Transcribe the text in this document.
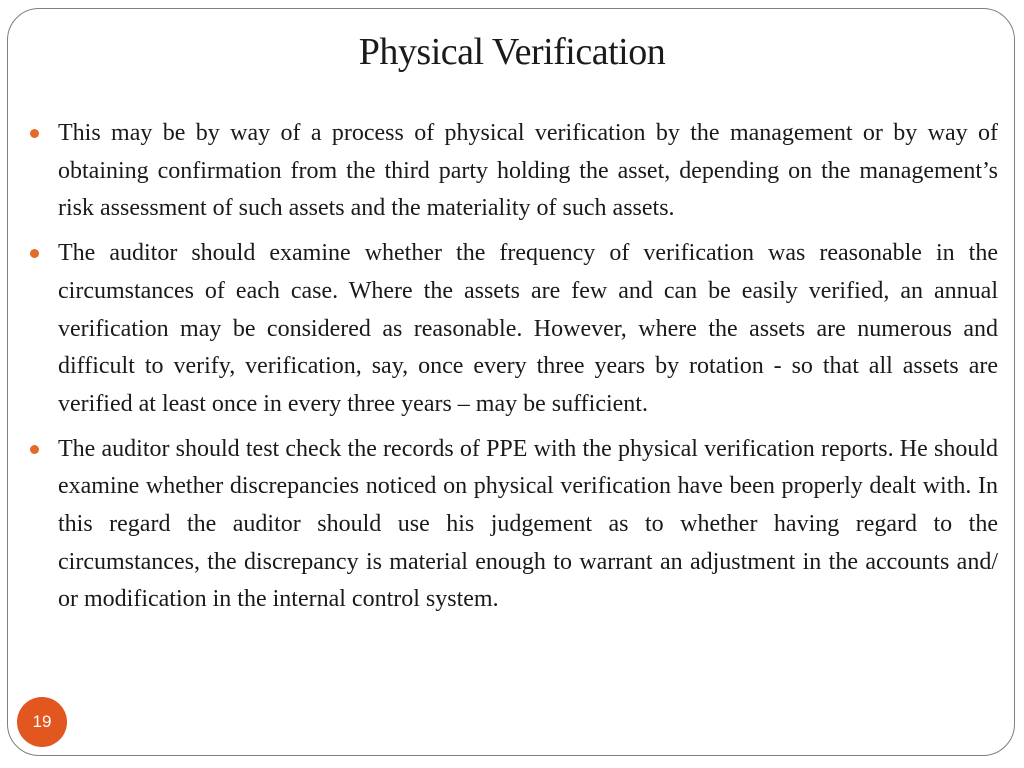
Physical Verification
This may be by way of a process of physical verification by the management or by way of obtaining confirmation from the third party holding the asset, depending on the management’s risk assessment of such assets and the materiality of such assets.
The auditor should examine whether the frequency of verification was reasonable in the circumstances of each case. Where the assets are few and can be easily verified, an annual verification may be considered as reasonable. However, where the assets are numerous and difficult to verify, verification, say, once every three years by rotation - so that all assets are verified at least once in every three years – may be sufficient.
The auditor should test check the records of PPE with the physical verification reports. He should examine whether discrepancies noticed on physical verification have been properly dealt with. In this regard the auditor should use his judgement as to whether having regard to the circumstances, the discrepancy is material enough to warrant an adjustment in the accounts and/ or modification in the internal control system.
19
